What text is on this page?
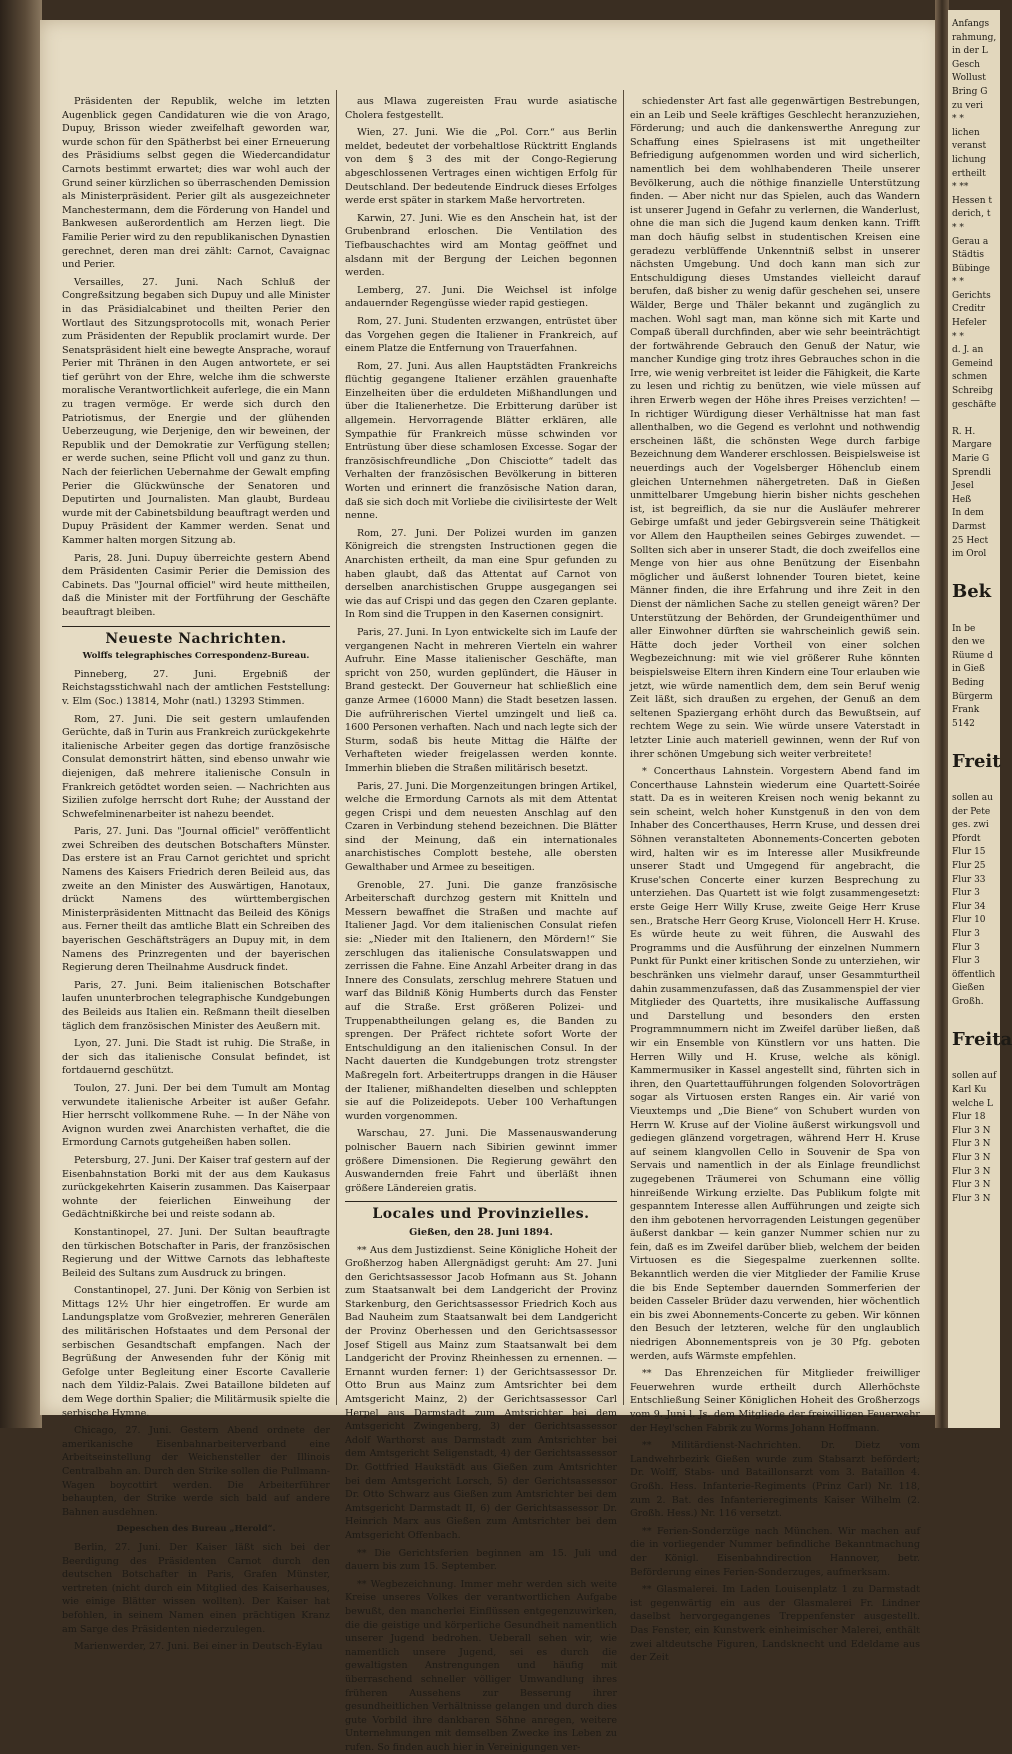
Präsidenten der Republik, welche im letzten Augenblick gegen Candidaturen wie die von Arago, Dupuy, Brisson wieder zweifelhaft geworden war, wurde schon für den Spätherbst bei einer Erneuerung des Präsidiums selbst gegen die Wiedercandidatur Carnots bestimmt erwartet; dies war wohl auch der Grund seiner kürzlichen so überraschenden Demission als Ministerpräsident. Perier gilt als ausgezeichneter Manchestermann, dem die Förderung von Handel und Bankwesen außerordentlich am Herzen liegt. Die Familie Perier wird zu den republikanischen Dynastien gerechnet, deren man drei zählt: Carnot, Cavaignac und Perier.

Versailles, 27. Juni. Nach Schluß der Congreßsitzung begaben sich Dupuy und alle Minister in das Präsidialcabinet und theilten Perier den Wortlaut des Sitzungsprotocolls mit, wonach Perier zum Präsidenten der Republik proclamirt wurde. Der Senatspräsident hielt eine bewegte Ansprache, worauf Perier mit Thränen in den Augen antwortete, er sei tief gerührt von der Ehre, welche ihm die schwerste moralische Verantwortlichkeit auferlege, die ein Mann zu tragen vermöge. Er werde sich durch den Patriotismus, der Energie und der glühenden Ueberzeugung, wie Derjenige, den wir beweinen, der Republik und der Demokratie zur Verfügung stellen; er werde suchen, seine Pflicht voll und ganz zu thun. Nach der feierlichen Uebernahme der Gewalt empfing Perier die Glückwünsche der Senatoren und Deputirten und Journalisten. Man glaubt, Burdeau wurde mit der Cabinetsbildung beauftragt werden und Dupuy Präsident der Kammer werden. Senat und Kammer halten morgen Sitzung ab.

Paris, 28. Juni. Dupuy überreichte gestern Abend dem Präsidenten Casimir Perier die Demission des Cabinets. Das "Journal officiel" wird heute mittheilen, daß die Minister mit der Fortführung der Geschäfte beauftragt bleiben.

Neueste Nachrichten.

Wolffs telegraphisches Correspondenz-Bureau.

Pinneberg, 27. Juni. Ergebniß der Reichstagsstichwahl nach der amtlichen Feststellung: v. Elm (Soc.) 13814, Mohr (natl.) 13293 Stimmen.

Rom, 27. Juni. Die seit gestern umlaufenden Gerüchte, daß in Turin aus Frankreich zurückgekehrte italienische Arbeiter gegen das dortige französische Consulat demonstrirt hätten, sind ebenso unwahr wie diejenigen, daß mehrere italienische Consuln in Frankreich getödtet worden seien. — Nachrichten aus Sizilien zufolge herrscht dort Ruhe; der Ausstand der Schwefelminenarbeiter ist nahezu beendet.

Paris, 27. Juni. Das "Journal officiel" veröffentlicht zwei Schreiben des deutschen Botschafters Münster. Das erstere ist an Frau Carnot gerichtet und spricht Namens des Kaisers Friedrich deren Beileid aus, das zweite an den Minister des Auswärtigen, Hanotaux, drückt Namens des württembergischen Ministerpräsidenten Mittnacht das Beileid des Königs aus. Ferner theilt das amtliche Blatt ein Schreiben des bayerischen Geschäftsträgers an Dupuy mit, in dem Namens des Prinzregenten und der bayerischen Regierung deren Theilnahme Ausdruck findet.

Paris, 27. Juni. Beim italienischen Botschafter laufen ununterbrochen telegraphische Kundgebungen des Beileids aus Italien ein. Reßmann theilt dieselben täglich dem französischen Minister des Aeußern mit.

Lyon, 27. Juni. Die Stadt ist ruhig. Die Straße, in der sich das italienische Consulat befindet, ist fortdauernd geschützt.

Toulon, 27. Juni. Der bei dem Tumult am Montag verwundete italienische Arbeiter ist außer Gefahr. Hier herrscht vollkommene Ruhe. — In der Nähe von Avignon wurden zwei Anarchisten verhaftet, die die Ermordung Carnots gutgeheißen haben sollen.

Petersburg, 27. Juni. Der Kaiser traf gestern auf der Eisenbahnstation Borki mit der aus dem Kaukasus zurückgekehrten Kaiserin zusammen. Das Kaiserpaar wohnte der feierlichen Einweihung der Gedächtnißkirche bei und reiste sodann ab.

Konstantinopel, 27. Juni. Der Sultan beauftragte den türkischen Botschafter in Paris, der französischen Regierung und der Wittwe Carnots das lebhafteste Beileid des Sultans zum Ausdruck zu bringen.

Constantinopel, 27. Juni. Der König von Serbien ist Mittags 12½ Uhr hier eingetroffen. Er wurde am Landungsplatze vom Großvezier, mehreren Generälen des militärischen Hofstaates und dem Personal der serbischen Gesandtschaft empfangen. Nach der Begrüßung der Anwesenden fuhr der König mit Gefolge unter Begleitung einer Escorte Cavallerie nach dem Yildiz-Palais. Zwei Bataillone bildeten auf dem Wege dorthin Spalier; die Militärmusik spielte die serbische Hymne.

Chicago, 27. Juni. Gestern Abend ordnete der amerikanische Eisenbahnarbeiterverband eine Arbeitseinstellung der Weichensteller der Illinois Centralbahn an. Durch den Strike sollen die Pullmann-Wagen boycottirt werden. Die Arbeiterführer behaupten, der Strike werde sich bald auf andere Bahnen ausdehnen.

Depeschen des Bureau „Herold“.

Berlin, 27. Juni. Der Kaiser läßt sich bei der Beerdigung des Präsidenten Carnot durch den deutschen Botschafter in Paris, Grafen Münster, vertreten (nicht durch ein Mitglied des Kaiserhauses, wie einige Blätter wissen wollten). Der Kaiser hat befohlen, in seinem Namen einen prächtigen Kranz am Sarge des Präsidenten niederzulegen.

Marienwerder, 27. Juni. Bei einer in Deutsch-Eylau

aus Mlawa zugereisten Frau wurde asiatische Cholera festgestellt.

Wien, 27. Juni. Wie die „Pol. Corr.“ aus Berlin meldet, bedeutet der vorbehaltlose Rücktritt Englands von dem § 3 des mit der Congo-Regierung abgeschlossenen Vertrages einen wichtigen Erfolg für Deutschland. Der bedeutende Eindruck dieses Erfolges werde erst später in starkem Maße hervortreten.

Karwin, 27. Juni. Wie es den Anschein hat, ist der Grubenbrand erloschen. Die Ventilation des Tiefbauschachtes wird am Montag geöffnet und alsdann mit der Bergung der Leichen begonnen werden.

Lemberg, 27. Juni. Die Weichsel ist infolge andauernder Regengüsse wieder rapid gestiegen.

Rom, 27. Juni. Studenten erzwangen, entrüstet über das Vorgehen gegen die Italiener in Frankreich, auf einem Platze die Entfernung von Trauerfahnen.

Rom, 27. Juni. Aus allen Hauptstädten Frankreichs flüchtig gegangene Italiener erzählen grauenhafte Einzelheiten über die erduldeten Mißhandlungen und über die Italienerhetze. Die Erbitterung darüber ist allgemein. Hervorragende Blätter erklären, alle Sympathie für Frankreich müsse schwinden vor Entrüstung über diese schamlosen Excesse. Sogar der französischfreundliche „Don Chisciotte“ tadelt das Verhalten der französischen Bevölkerung in bitteren Worten und erinnert die französische Nation daran, daß sie sich doch mit Vorliebe die civilisirteste der Welt nenne.

Rom, 27. Juni. Der Polizei wurden im ganzen Königreich die strengsten Instructionen gegen die Anarchisten ertheilt, da man eine Spur gefunden zu haben glaubt, daß das Attentat auf Carnot von derselben anarchistischen Gruppe ausgegangen sei wie das auf Crispi und das gegen den Czaren geplante. In Rom sind die Truppen in den Kasernen consignirt.

Paris, 27. Juni. In Lyon entwickelte sich im Laufe der vergangenen Nacht in mehreren Vierteln ein wahrer Aufruhr. Eine Masse italienischer Geschäfte, man spricht von 250, wurden geplündert, die Häuser in Brand gesteckt. Der Gouverneur hat schließlich eine ganze Armee (16000 Mann) die Stadt besetzen lassen. Die aufrührerischen Viertel umzingelt und ließ ca. 1600 Personen verhaften. Nach und nach legte sich der Sturm, sodaß bis heute Mittag die Hälfte der Verhafteten wieder freigelassen werden konnte. Immerhin blieben die Straßen militärisch besetzt.

Paris, 27. Juni. Die Morgenzeitungen bringen Artikel, welche die Ermordung Carnots als mit dem Attentat gegen Crispi und dem neuesten Anschlag auf den Czaren in Verbindung stehend bezeichnen. Die Blätter sind der Meinung, daß ein internationales anarchistisches Complott bestehe, alle obersten Gewalthaber und Armee zu beseitigen.

Grenoble, 27. Juni. Die ganze französische Arbeiterschaft durchzog gestern mit Knitteln und Messern bewaffnet die Straßen und machte auf Italiener Jagd. Vor dem italienischen Consulat riefen sie: „Nieder mit den Italienern, den Mördern!“ Sie zerschlugen das italienische Consulatswappen und zerrissen die Fahne. Eine Anzahl Arbeiter drang in das Innere des Consulats, zerschlug mehrere Statuen und warf das Bildniß König Humberts durch das Fenster auf die Straße. Erst größeren Polizei- und Truppenabtheilungen gelang es, die Banden zu sprengen. Der Präfect richtete sofort Worte der Entschuldigung an den italienischen Consul. In der Nacht dauerten die Kundgebungen trotz strengster Maßregeln fort. Arbeitertrupps drangen in die Häuser der Italiener, mißhandelten dieselben und schleppten sie auf die Polizeidepots. Ueber 100 Verhaftungen wurden vorgenommen.

Warschau, 27. Juni. Die Massenauswanderung polnischer Bauern nach Sibirien gewinnt immer größere Dimensionen. Die Regierung gewährt den Auswandernden freie Fahrt und überläßt ihnen größere Ländereien gratis.

Locales und Provinzielles.

Gießen, den 28. Juni 1894.

** Aus dem Justizdienst. Seine Königliche Hoheit der Großherzog haben Allergnädigst geruht: Am 27. Juni den Gerichtsassessor Jacob Hofmann aus St. Johann zum Staatsanwalt bei dem Landgericht der Provinz Starkenburg, den Gerichtsassessor Friedrich Koch aus Bad Nauheim zum Staatsanwalt bei dem Landgericht der Provinz Oberhessen und den Gerichtsassessor Josef Stigell aus Mainz zum Staatsanwalt bei dem Landgericht der Provinz Rheinhessen zu ernennen. — Ernannt wurden ferner: 1) der Gerichtsassessor Dr. Otto Brun aus Mainz zum Amtsrichter bei dem Amtsgericht Mainz, 2) der Gerichtsassessor Carl Herpel aus Darmstadt zum Amtsrichter bei dem Amtsgericht Zwingenberg, 3) der Gerichtsassessor Adolf Warthorst aus Darmstadt zum Amtsrichter bei dem Amtsgericht Seligenstadt, 4) der Gerichtsassessor Dr. Gottfried Haukstädt aus Gießen zum Amtsrichter bei dem Amtsgericht Lorsch, 5) der Gerichtsassessor Dr. Otto Schwarz aus Gießen zum Amtsrichter bei dem Amtsgericht Darmstadt II, 6) der Gerichtsassessor Dr. Heinrich Marx aus Gießen zum Amtsrichter bei dem Amtsgericht Offenbach.

** Die Gerichtsferien beginnen am 15. Juli und dauern bis zum 15. September.

** Wegbezeichnung. Immer mehr werden sich weite Kreise unseres Volkes der verantwortlichen Aufgabe bewußt, den mancherlei Einflüssen entgegenzuwirken, die die geistige und körperliche Gesundheit namentlich unserer Jugend bedrohen. Ueberall sehen wir, wie namentlich unsere Jugend, sei es durch die gewaltigsten Anstrengungen und häufig mit überraschend schneller völliger Umwandlung ihres früheren Aussehens zur Besserung ihrer gesundheitlichen Verhältnisse gelangen und durch dies gute Vorbild ihre dankbaren Söhne anregen, weitere Unternehmungen mit demselben Zwecke ins Leben zu rufen. So finden auch hier in Vereinigungen ver-

schiedenster Art fast alle gegenwärtigen Bestrebungen, ein an Leib und Seele kräftiges Geschlecht heranzuziehen, Förderung; und auch die dankenswerthe Anregung zur Schaffung eines Spielrasens ist mit ungetheilter Befriedigung aufgenommen worden und wird sicherlich, namentlich bei dem wohlhabenderen Theile unserer Bevölkerung, auch die nöthige finanzielle Unterstützung finden. — Aber nicht nur das Spielen, auch das Wandern ist unserer Jugend in Gefahr zu verlernen, die Wanderlust, ohne die man sich die Jugend kaum denken kann. Trifft man doch häufig selbst in studentischen Kreisen eine geradezu verblüffende Unkenntniß selbst in unserer nächsten Umgebung. Und doch kann man sich zur Entschuldigung dieses Umstandes vielleicht darauf berufen, daß bisher zu wenig dafür geschehen sei, unsere Wälder, Berge und Thäler bekannt und zugänglich zu machen. Wohl sagt man, man könne sich mit Karte und Compaß überall durchfinden, aber wie sehr beeinträchtigt der fortwährende Gebrauch den Genuß der Natur, wie mancher Kundige ging trotz ihres Gebrauches schon in die Irre, wie wenig verbreitet ist leider die Fähigkeit, die Karte zu lesen und richtig zu benützen, wie viele müssen auf ihren Erwerb wegen der Höhe ihres Preises verzichten! — In richtiger Würdigung dieser Verhältnisse hat man fast allenthalben, wo die Gegend es verlohnt und nothwendig erscheinen läßt, die schönsten Wege durch farbige Bezeichnung dem Wanderer erschlossen. Beispielsweise ist neuerdings auch der Vogelsberger Höhenclub einem gleichen Unternehmen nähergetreten. Daß in Gießen unmittelbarer Umgebung hierin bisher nichts geschehen ist, ist begreiflich, da sie nur die Ausläufer mehrerer Gebirge umfaßt und jeder Gebirgsverein seine Thätigkeit vor Allem den Hauptheilen seines Gebirges zuwendet. — Sollten sich aber in unserer Stadt, die doch zweifellos eine Menge von hier aus ohne Benützung der Eisenbahn möglicher und äußerst lohnender Touren bietet, keine Männer finden, die ihre Erfahrung und ihre Zeit in den Dienst der nämlichen Sache zu stellen geneigt wären? Der Unterstützung der Behörden, der Grundeigenthümer und aller Einwohner dürften sie wahrscheinlich gewiß sein. Hätte doch jeder Vortheil von einer solchen Wegbezeichnung: mit wie viel größerer Ruhe könnten beispielsweise Eltern ihren Kindern eine Tour erlauben wie jetzt, wie würde namentlich dem, dem sein Beruf wenig Zeit läßt, sich draußen zu ergehen, der Genuß an dem seltenen Spaziergang erhöht durch das Bewußtsein, auf rechtem Wege zu sein. Wie würde unsere Vaterstadt in letzter Linie auch materiell gewinnen, wenn der Ruf von ihrer schönen Umgebung sich weiter verbreitete!

* Concerthaus Lahnstein. Vorgestern Abend fand im Concerthause Lahnstein wiederum eine Quartett-Soirée statt. Da es in weiteren Kreisen noch wenig bekannt zu sein scheint, welch hoher Kunstgenuß in den von dem Inhaber des Concerthauses, Herrn Kruse, und dessen drei Söhnen veranstalteten Abonnements-Concerten geboten wird, halten wir es im Interesse aller Musikfreunde unserer Stadt und Umgegend für angebracht, die Kruse'schen Concerte einer kurzen Besprechung zu unterziehen. Das Quartett ist wie folgt zusammengesetzt: erste Geige Herr Willy Kruse, zweite Geige Herr Kruse sen., Bratsche Herr Georg Kruse, Violoncell Herr H. Kruse. Es würde heute zu weit führen, die Auswahl des Programms und die Ausführung der einzelnen Nummern Punkt für Punkt einer kritischen Sonde zu unterziehen, wir beschränken uns vielmehr darauf, unser Gesammturtheil dahin zusammenzufassen, daß das Zusammenspiel der vier Mitglieder des Quartetts, ihre musikalische Auffassung und Darstellung und besonders den ersten Programmnummern nicht im Zweifel darüber ließen, daß wir ein Ensemble von Künstlern vor uns hatten. Die Herren Willy und H. Kruse, welche als königl. Kammermusiker in Kassel angestellt sind, führten sich in ihren, den Quartettaufführungen folgenden Solovorträgen sogar als Virtuosen ersten Ranges ein. Air varié von Vieuxtemps und „Die Biene“ von Schubert wurden von Herrn W. Kruse auf der Violine äußerst wirkungsvoll und gediegen glänzend vorgetragen, während Herr H. Kruse auf seinem klangvollen Cello in Souvenir de Spa von Servais und namentlich in der als Einlage freundlichst zugegebenen Träumerei von Schumann eine völlig hinreißende Wirkung erzielte. Das Publikum folgte mit gespanntem Interesse allen Aufführungen und zeigte sich den ihm gebotenen hervorragenden Leistungen gegenüber äußerst dankbar — kein ganzer Nummer schien nur zu fein, daß es im Zweifel darüber blieb, welchem der beiden Virtuosen es die Siegespalme zuerkennen sollte. Bekanntlich werden die vier Mitglieder der Familie Kruse die bis Ende September dauernden Sommerferien der beiden Casseler Brüder dazu verwenden, hier wöchentlich ein bis zwei Abonnements-Concerte zu geben. Wir können den Besuch der letzteren, welche für den unglaublich niedrigen Abonnementspreis von je 30 Pfg. geboten werden, aufs Wärmste empfehlen.

** Das Ehrenzeichen für Mitglieder freiwilliger Feuerwehren wurde ertheilt durch Allerhöchste Entschließung Seiner Königlichen Hoheit des Großherzogs vom 9. Juni l. Js. dem Mitgliede der freiwilligen Feuerwehr der Heyl'schen Fabrik zu Worms Johann Hoffmann.

** Militärdienst-Nachrichten. Dr. Dietz vom Landwehrbezirk Gießen wurde zum Stabsarzt befördert; Dr. Wolff, Stabs- und Bataillonsarzt vom 3. Bataillon 4. Großh. Hess. Infanterie-Regiments (Prinz Carl) Nr. 118, zum 2. Bat. des Infanterieregiments Kaiser Wilhelm (2. Großh. Hess.) Nr. 116 versetzt.

** Ferien-Sonderzüge nach München. Wir machen auf die in vorliegender Nummer befindliche Bekanntmachung der Königl. Eisenbahndirection Hannover, betr. Beförderung eines Ferien-Sonderzuges, aufmerksam.

** Glasmalerei. Im Laden Louisenplatz 1 zu Darmstadt ist gegenwärtig ein aus der Glasmalerei Fr. Lindner daselbst hervorgegangenes Treppenfenster ausgestellt. Das Fenster, ein Kunstwerk einheimischer Malerei, enthält zwei altdeutsche Figuren, Landsknecht und Edeldame aus der Zeit

Anfangs
rahmung,
in der L
Gesch
Wollust
Bring G
zu veri
* *
lichen
veranst
lichung
ertheilt
* **
Hessen t
derich, t
* *
Gerau a
Städtis
Bübinge
* *
Gerichts
Creditr
Hefeler
* *
d. J. an
Gemeind
schmen
Schreibg
geschäfte

R. H.
Margare
Marie G
Sprendli
Jesel
Heß
In dem
Darmst
25 Hect
im Orol

Bek

In be
den we
Rüume d
in Gieß
Beding
Bürgerm
Frank
5142

Freit

sollen au
der Pete
ges. zwi
Pfordt
Flur 15
Flur 25
Flur 33
Flur 3
Flur 34
Flur 10
Flur 3
Flur 3
Flur 3
öffentlich
Gießen
Großh.

Freita

sollen auf
Karl Ku
welche L
Flur 18
Flur 3 N
Flur 3 N
Flur 3 N
Flur 3 N
Flur 3 N
Flur 3 N
